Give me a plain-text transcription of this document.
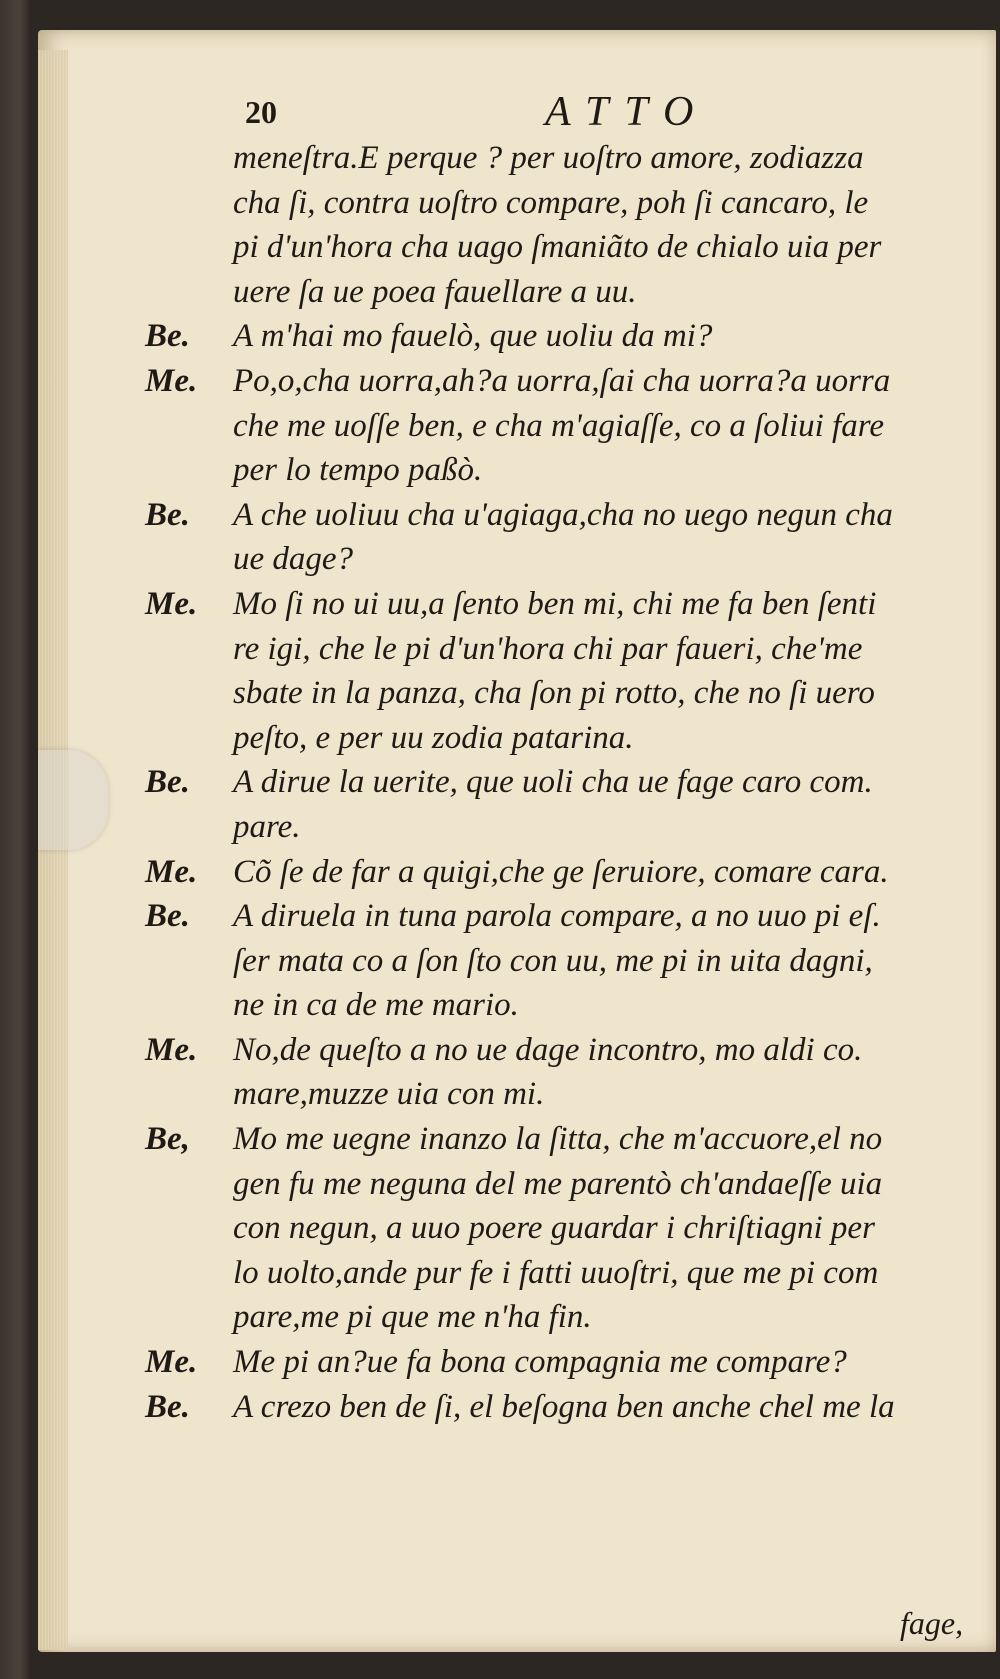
20	ATTO
meneſtra.E perque ? per uoſtro amore, zodiazza
cha ſi, contra uoſtro compare, poh ſi cancaro, le
pi d'un'hora cha uago ſmaniãto de chialo uia per
uere ſa ue poea fauellare a uu.
Be.	A m'hai mo fauelò, que uoliu da mi?
Me.	Po,o,cha uorra,ah?a uorra,ſai cha uorra?a uorra
che me uoſſe ben, e cha m'agiaſſe, co a ſoliui fare
per lo tempo paßò.
Be.	A che uoliuu cha u'agiaga,cha no uego negun cha
ue dage?
Me.	Mo ſi no ui uu,a ſento ben mi, chi me fa ben ſenti
re igi, che le pi d'un'hora chi par faueri, che'me
sbate in la panza, cha ſon pi rotto, che no ſi uero
peſto, e per uu zodia patarina.
Be.	A dirue la uerite, que uoli cha ue fage caro com.
pare.
Me.	Cõ ſe de far a quigi,che ge ſeruiore, comare cara.
Be.	A diruela in tuna parola compare, a no uuo pi eſ.
ſer mata co a ſon ſto con uu, me pi in uita dagni,
ne in ca de me mario.
Me.	No,de queſto a no ue dage incontro, mo aldi co.
mare,muzze uia con mi.
Be,	Mo me uegne inanzo la ſitta, che m'accuore,el no
gen fu me neguna del me parentò ch'andaeſſe uia
con negun, a uuo poere guardar i chriſtiagni per
lo uolto,ande pur fe i fatti uuoſtri, que me pi com
pare,me pi que me n'ha fin.
Me.	Me pi an?ue fa bona compagnia me compare?
Be.	A crezo ben de ſi, el beſogna ben anche chel me la
fage,
